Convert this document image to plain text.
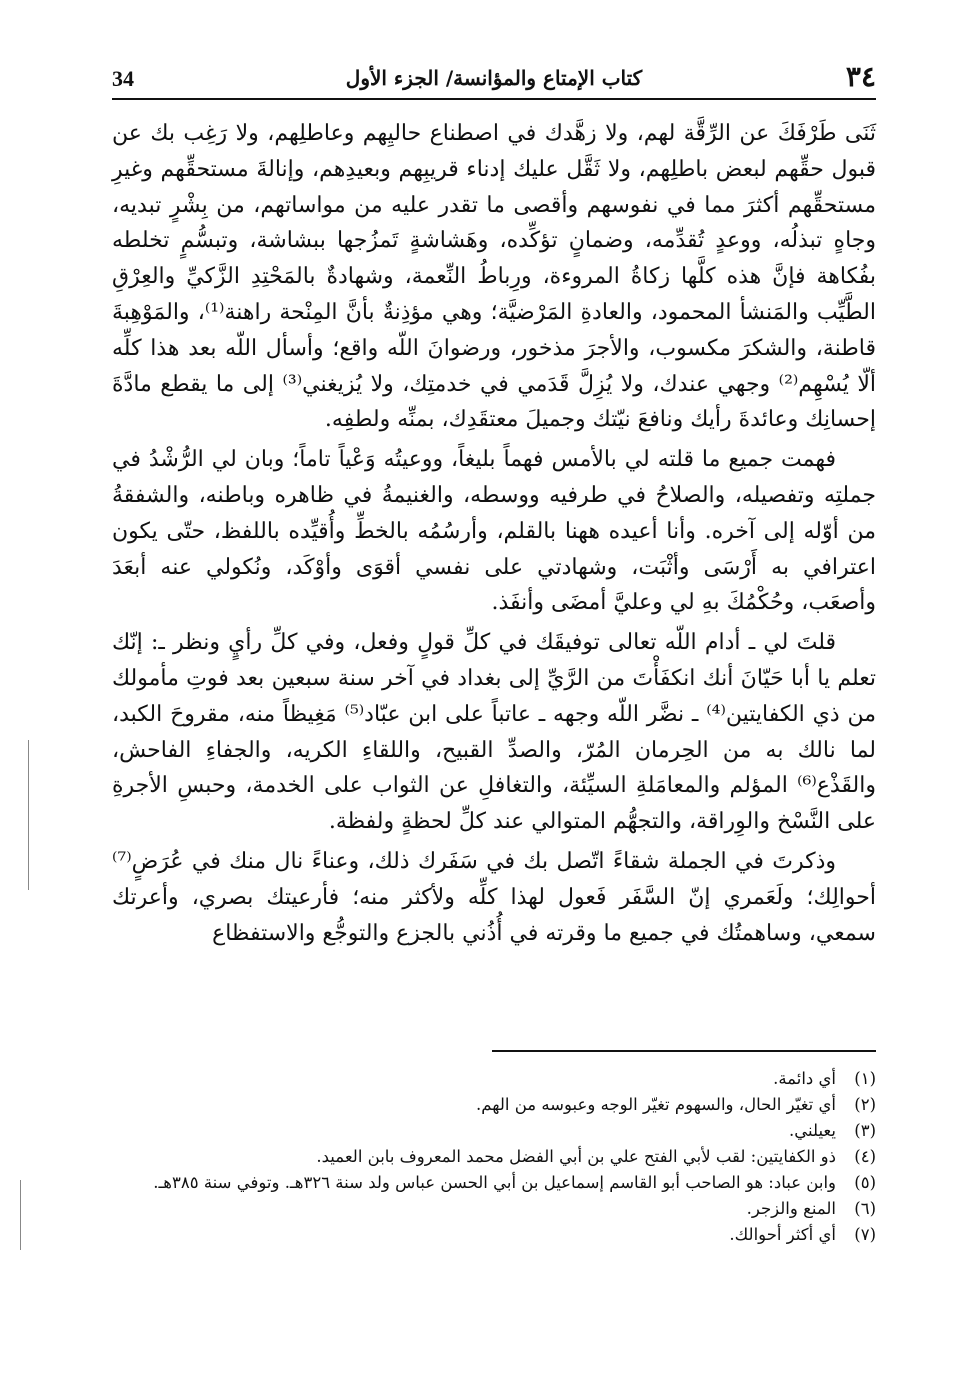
٣٤
كتاب الإمتاع والمؤانسة/ الجزء الأول
34

ثَنَى طَرْفَكَ عن الرِّقَّة لهم، ولا زهَّدك في اصطناع حاليِهم وعاطلِهم، ولا رَغِب بك عن قبول حقِّهم لبعض باطلِهم، ولا ثَقَّل عليك إدناء قريبِهم وبعيدِهم، وإنالةَ مستحقِّهم وغيرِ مستحقِّهم أكثرَ مما في نفوسهم وأقصى ما تقدر عليه من مواساتهم، من بِشْرٍ تبديه، وجاهٍ تبذلُه، ووعدٍ تُقدِّمه، وضمانٍ تؤكِّده، وهَشاشةٍ تَمزُجها ببشاشة، وتبسُّمٍ تخلطه بفُكاهة فإنَّ هذه كلَّها زكاةُ المروءة، ورِباطُ النِّعمة، وشهادةٌ بالمَحْتِدِ الزَّكيِّ والعِرْقِ الطَّيِّب والمَنشأ المحمود، والعادةِ المَرْضيَّة؛ وهي مؤذِنةٌ بأنَّ المِنْحة راهنة⁽¹⁾، والمَوْهِبةَ قاطنة، والشكرَ مكسوب، والأجرَ مذخور، ورضوانَ اللّه واقع؛ وأسأل اللّه بعد هذا كلِّه ألّا يُسْهِم⁽²⁾ وجهي عندك، ولا يُزِلَّ قَدَمي في خدمتِك، ولا يُزيغني⁽³⁾ إلى ما يقطع مادَّةَ إحسانِك وعائدةَ رأيك ونافعَ نيّتك وجميلَ معتقَدِك، بمنِّه ولطفِه.

فهمت جميع ما قلته لي بالأمس فهماً بليغاً، ووعيتُه وَعْياً تاماً؛ وبان لي الرُّشْدُ في جملتِه وتفصيله، والصلاحُ في طرفيه ووسطه، والغنيمةُ في ظاهره وباطنه، والشفقةُ من أوّله إلى آخره. وأنا أعيده ههنا بالقلم، وأرسُمُه بالخطِّ وأُقيِّده باللفظ، حتّى يكون اعترافي به أَرْسَى وأثْبَت، وشهادتي على نفسي أقوَى وأوْكَد، ونُكولي عنه أبعَدَ وأصعَب، وحُكْمُكَ بهِ لي وعليَّ أمضَى وأنفَذ.

قلتَ لي ـ أدام اللّه تعالى توفيقَك في كلِّ قولٍ وفعل، وفي كلِّ رأيٍ ونظر ـ: إنّك تعلم يا أبا حَيّانَ أنك انكفَأْتَ من الرَّيِّ إلى بغداد في آخر سنة سبعين بعد فوتِ مأمولك من ذي الكفايتين⁽⁴⁾ ـ نضَّر اللّه وجهه ـ عاتباً على ابن عبّاد⁽⁵⁾ مَغِيظاً منه، مقروحَ الكبد، لما نالك به من الحِرمان المُرّ، والصدِّ القبيح، واللقاءِ الكريه، والجفاءِ الفاحش، والقَذْع⁽⁶⁾ المؤلم والمعامَلةِ السيِّئة، والتغافلِ عن الثواب على الخدمة، وحبسِ الأجرةِ على النَّسْخ والوِراقة، والتجهُّم المتوالي عند كلِّ لحظةٍ ولفظة.

وذكرتَ في الجملة شقاءً اتّصل بك في سَفَرك ذلك، وعناءً نال منك في عُرَضٍ⁽⁷⁾ أحوالِك؛ ولَعَمري إنّ السَّفَر فَعول لهذا كلِّه ولأكثر منه؛ فأرعيتك بصري، وأعرتك سمعي، وساهمتُك في جميع ما وقرته في أُذُني بالجزع والتوجُّع والاستفظاع

(١)
أي دائمة.
(٢)
أي تغيّر الحال، والسهوم تغيّر الوجه وعبوسه من الهم.
(٣)
يعيلني.
(٤)
ذو الكفايتين: لقب لأبي الفتح علي بن أبي الفضل محمد المعروف بابن العميد.
(٥)
وابن عباد: هو الصاحب أبو القاسم إسماعيل بن أبي الحسن عباس ولد سنة ٣٢٦هـ. وتوفي سنة ٣٨٥هـ.
(٦)
المنع والزجر.
(٧)
أي أكثر أحوالك.
